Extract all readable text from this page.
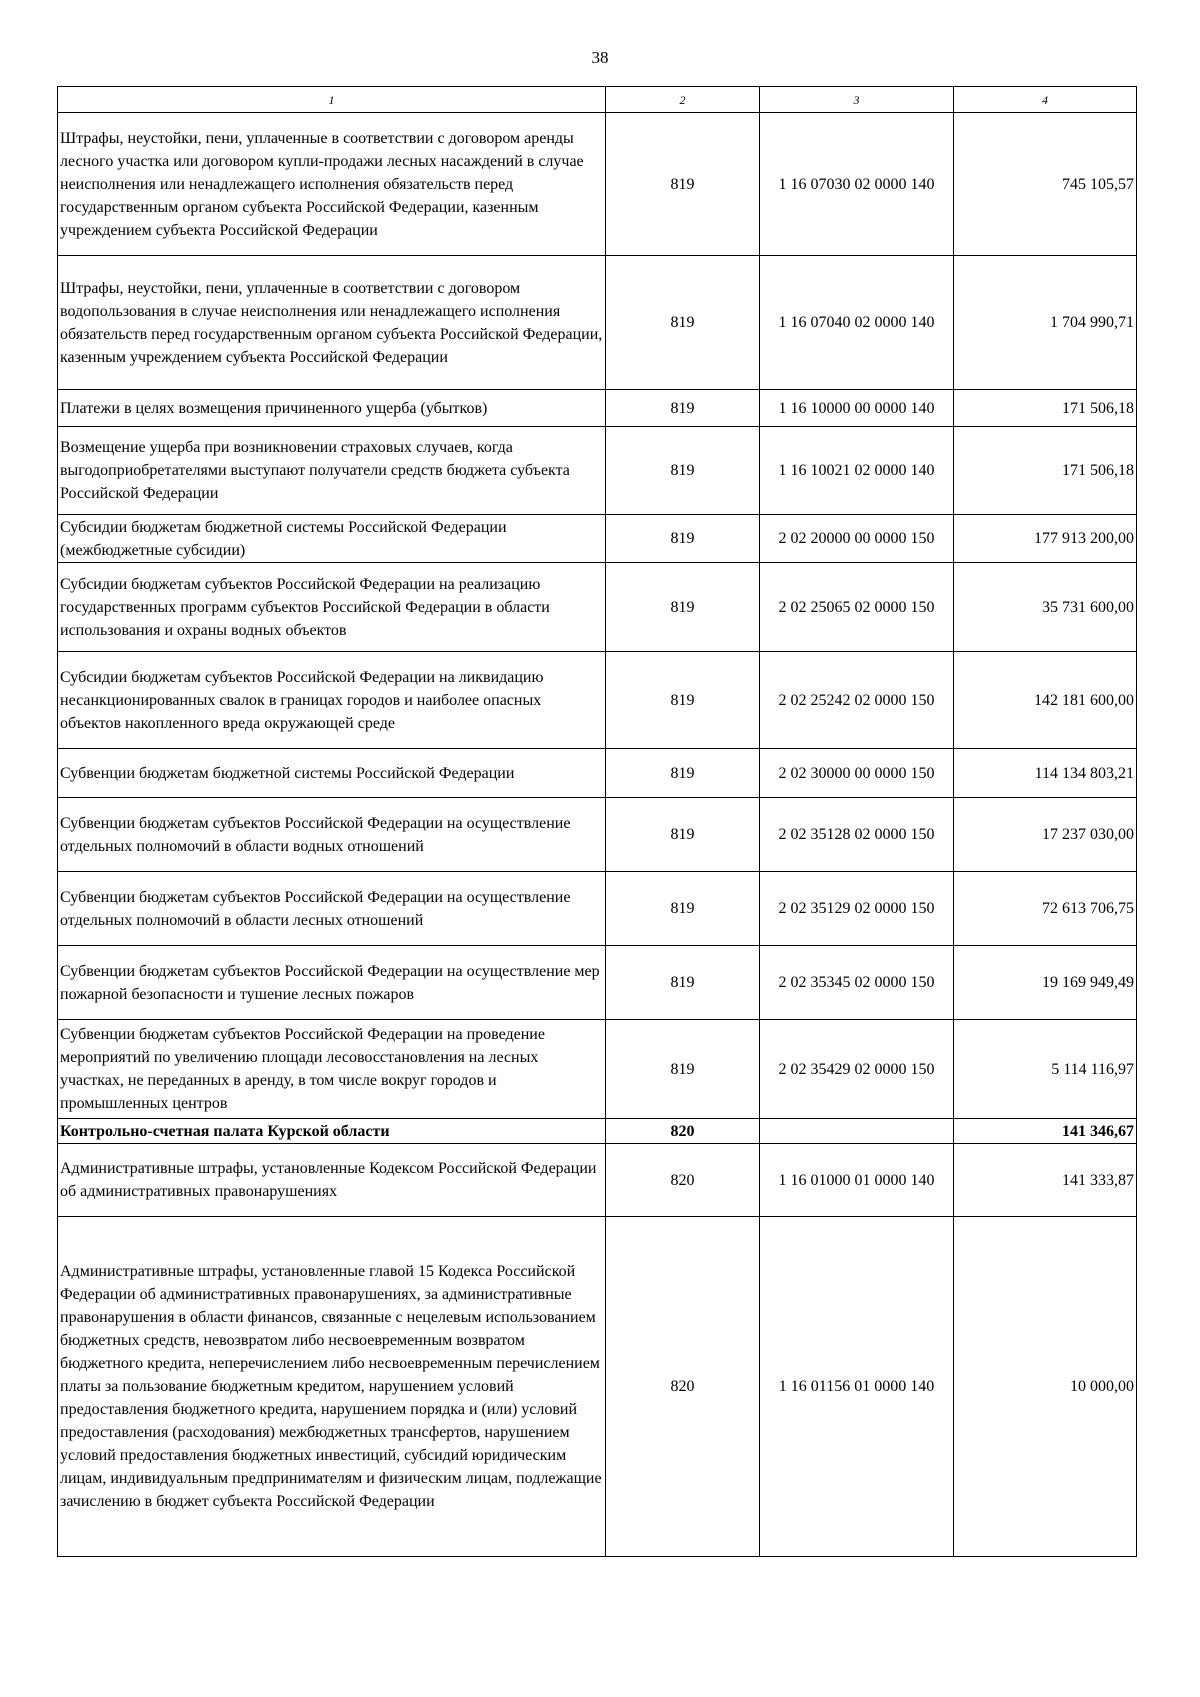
38
1	2	3	4
Штрафы, неустойки, пени, уплаченные в соответствии с договором аренды лесного участка или договором купли-продажи лесных насаждений в случае неисполнения или ненадлежащего исполнения обязательств перед государственным органом субъекта Российской Федерации, казенным учреждением субъекта Российской Федерации	819	1 16 07030 02 0000 140	745 105,57
Штрафы, неустойки, пени, уплаченные в соответствии с договором водопользования в случае неисполнения или ненадлежащего исполнения обязательств перед государственным органом субъекта Российской Федерации, казенным учреждением субъекта Российской Федерации	819	1 16 07040 02 0000 140	1 704 990,71
Платежи в целях возмещения причиненного ущерба (убытков)	819	1 16 10000 00 0000 140	171 506,18
Возмещение ущерба при возникновении страховых случаев, когда выгодоприобретателями выступают получатели средств бюджета субъекта Российской Федерации	819	1 16 10021 02 0000 140	171 506,18
Субсидии бюджетам бюджетной системы Российской Федерации (межбюджетные субсидии)	819	2 02 20000 00 0000 150	177 913 200,00
Субсидии бюджетам субъектов Российской Федерации на реализацию государственных программ субъектов Российской Федерации в области использования и охраны водных объектов	819	2 02 25065 02 0000 150	35 731 600,00
Субсидии бюджетам субъектов Российской Федерации на ликвидацию несанкционированных свалок в границах городов и наиболее опасных объектов накопленного вреда окружающей среде	819	2 02 25242 02 0000 150	142 181 600,00
Субвенции бюджетам бюджетной системы Российской Федерации	819	2 02 30000 00 0000 150	114 134 803,21
Субвенции бюджетам субъектов Российской Федерации на осуществление отдельных полномочий в области водных отношений	819	2 02 35128 02 0000 150	17 237 030,00
Субвенции бюджетам субъектов Российской Федерации на осуществление отдельных полномочий в области лесных отношений	819	2 02 35129 02 0000 150	72 613 706,75
Субвенции бюджетам субъектов Российской Федерации на осуществление мер пожарной безопасности и тушение лесных пожаров	819	2 02 35345 02 0000 150	19 169 949,49
Субвенции бюджетам субъектов Российской Федерации на проведение мероприятий по увеличению площади лесовосстановления на лесных участках, не переданных в аренду, в том числе вокруг городов и промышленных центров	819	2 02 35429 02 0000 150	5 114 116,97
Контрольно-счетная палата Курской области	820		141 346,67
Административные штрафы, установленные Кодексом Российской Федерации об административных правонарушениях	820	1 16 01000 01 0000 140	141 333,87
Административные штрафы, установленные главой 15 Кодекса Российской Федерации об административных правонарушениях, за административные правонарушения в области финансов, связанные с нецелевым использованием бюджетных средств, невозвратом либо несвоевременным возвратом бюджетного кредита, неперечислением либо несвоевременным перечислением платы за пользование бюджетным кредитом, нарушением условий предоставления бюджетного кредита, нарушением порядка и (или) условий предоставления (расходования) межбюджетных трансфертов, нарушением условий предоставления бюджетных инвестиций, субсидий юридическим лицам, индивидуальным предпринимателям и физическим лицам, подлежащие зачислению в бюджет субъекта Российской Федерации	820	1 16 01156 01 0000 140	10 000,00
